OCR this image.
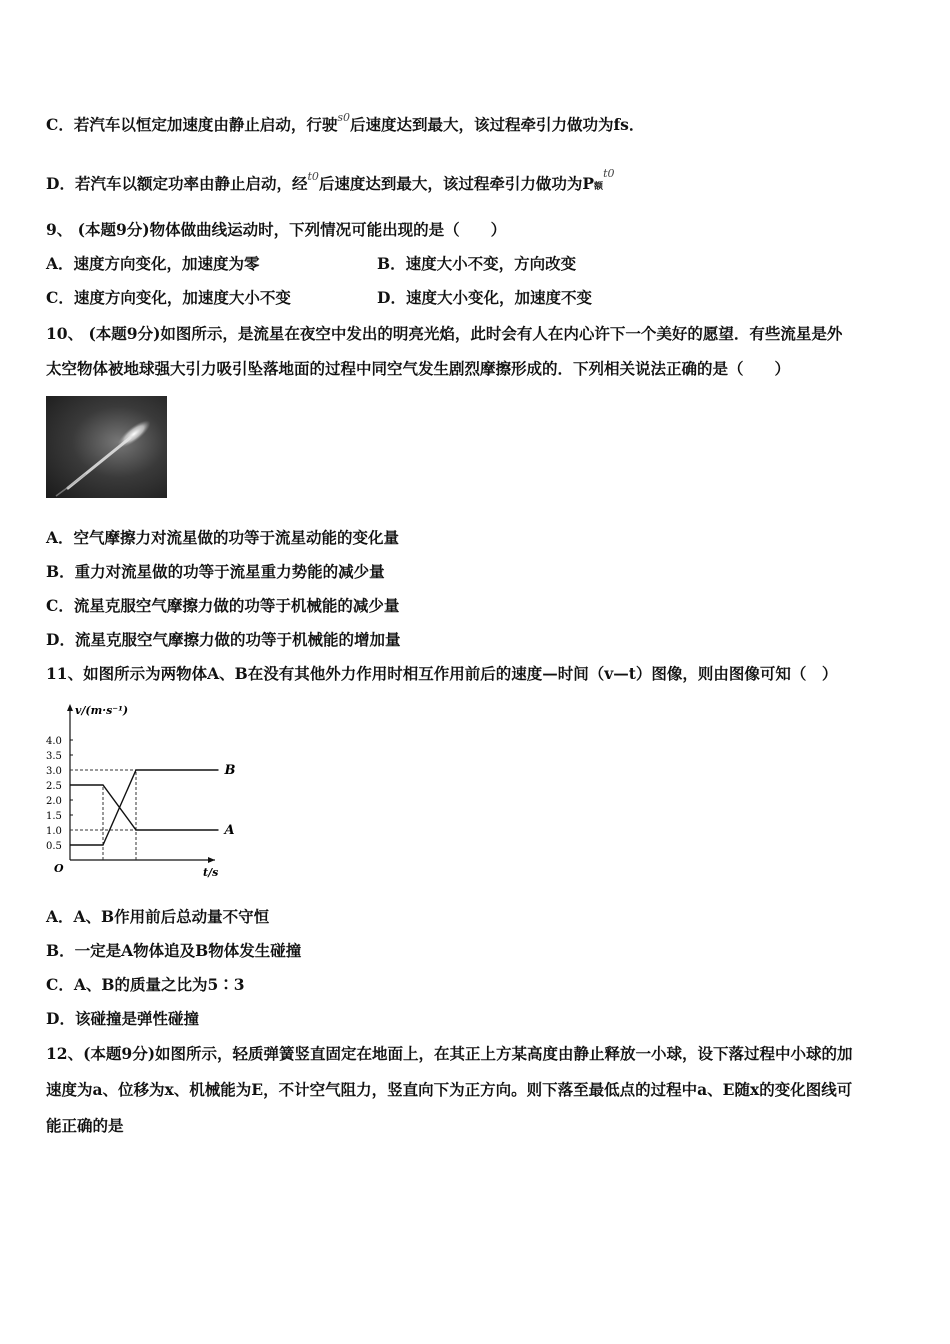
C．若汽车以恒定加速度由静止启动，行驶$^{s0}$后速度达到最大，该过程牵引力做功为fs．
D．若汽车以额定功率由静止启动，经$^{t0}$后速度达到最大，该过程牵引力做功为P额$^{t0}$
9、 (本题9分)物体做曲线运动时，下列情况可能出现的是（　　）
A．速度方向变化，加速度为零	B．速度大小不变，方向改变
C．速度方向变化，加速度大小不变	D．速度大小变化，加速度不变
10、 (本题9分)如图所示，是流星在夜空中发出的明亮光焰，此时会有人在内心许下一个美好的愿望．有些流星是外
太空物体被地球强大引力吸引坠落地面的过程中同空气发生剧烈摩擦形成的．下列相关说法正确的是（　　）
A．空气摩擦力对流星做的功等于流星动能的变化量
B．重力对流星做的功等于流星重力势能的减少量
C．流星克服空气摩擦力做的功等于机械能的减少量
D．流星克服空气摩擦力做的功等于机械能的增加量
11、如图所示为两物体A、B在没有其他外力作用时相互作用前后的速度—时间（v—t）图像，则由图像可知（　）
v/(m·s⁻¹)
t/s
O
0.5
1.0
1.5
2.0
2.5
3.0
3.5
4.0
A
B
A．A、B作用前后总动量不守恒
B．一定是A物体追及B物体发生碰撞
C．A、B的质量之比为5∶3
D．该碰撞是弹性碰撞
12、(本题9分)如图所示，轻质弹簧竖直固定在地面上，在其正上方某高度由静止释放一小球，设下落过程中小球的加
速度为a、位移为x、机械能为E，不计空气阻力，竖直向下为正方向。则下落至最低点的过程中a、E随x的变化图线可
能正确的是
